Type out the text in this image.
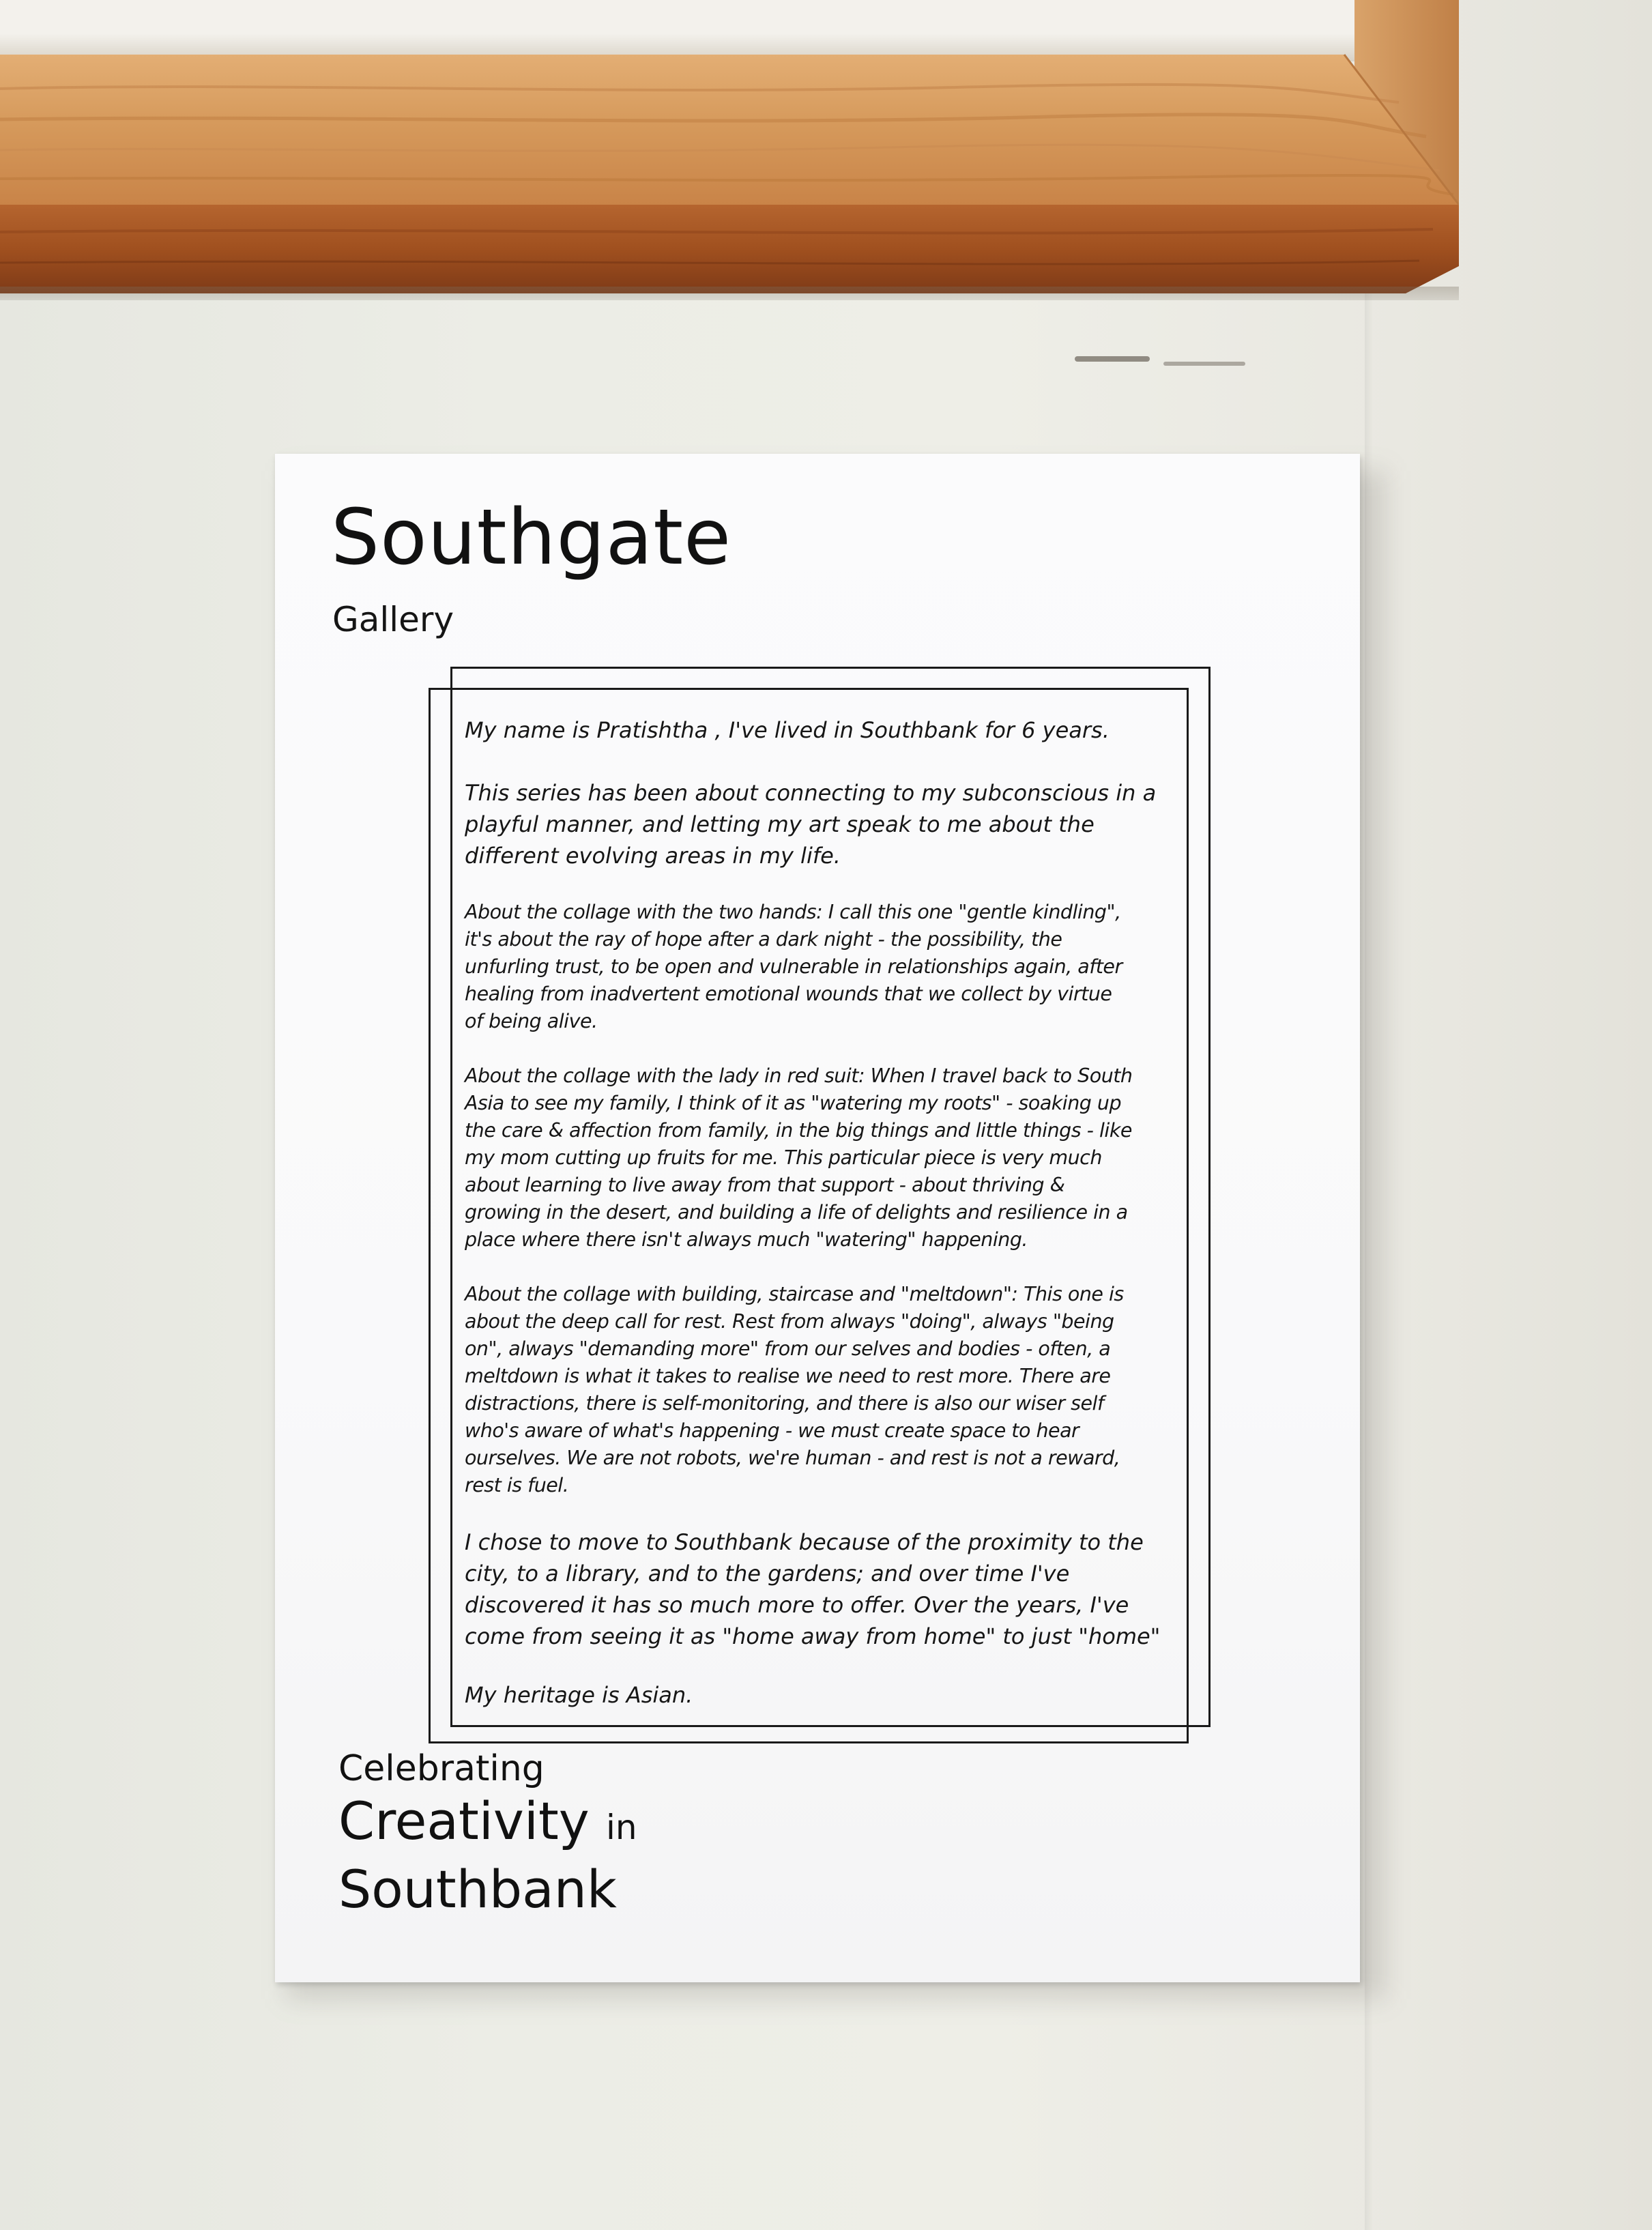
Southgate
Gallery

My name is Pratishtha , I've lived in Southbank for 6 years.

This series has been about connecting to my subconscious in a
playful manner, and letting my art speak to me about the
different evolving areas in my life.

About the collage with the two hands: I call this one "gentle kindling",
it's about the ray of hope after a dark night - the possibility, the
unfurling trust, to be open and vulnerable in relationships again, after
healing from inadvertent emotional wounds that we collect by virtue
of being alive.

About the collage with the lady in red suit: When I travel back to South
Asia to see my family, I think of it as "watering my roots" - soaking up
the care & affection from family, in the big things and little things - like
my mom cutting up fruits for me. This particular piece is very much
about learning to live away from that support - about thriving &
growing in the desert, and building a life of delights and resilience in a
place where there isn't always much "watering" happening.

About the collage with building, staircase and "meltdown": This one is
about the deep call for rest. Rest from always "doing", always "being
on", always "demanding more" from our selves and bodies - often, a
meltdown is what it takes to realise we need to rest more. There are
distractions, there is self-monitoring, and there is also our wiser self
who's aware of what's happening - we must create space to hear
ourselves. We are not robots, we're human - and rest is not a reward,
rest is fuel.

I chose to move to Southbank because of the proximity to the
city, to a library, and to the gardens; and over time I've
discovered it has so much more to offer. Over the years, I've
come from seeing it as "home away from home" to just "home"

My heritage is Asian.

Celebrating
Creativity in
Southbank
